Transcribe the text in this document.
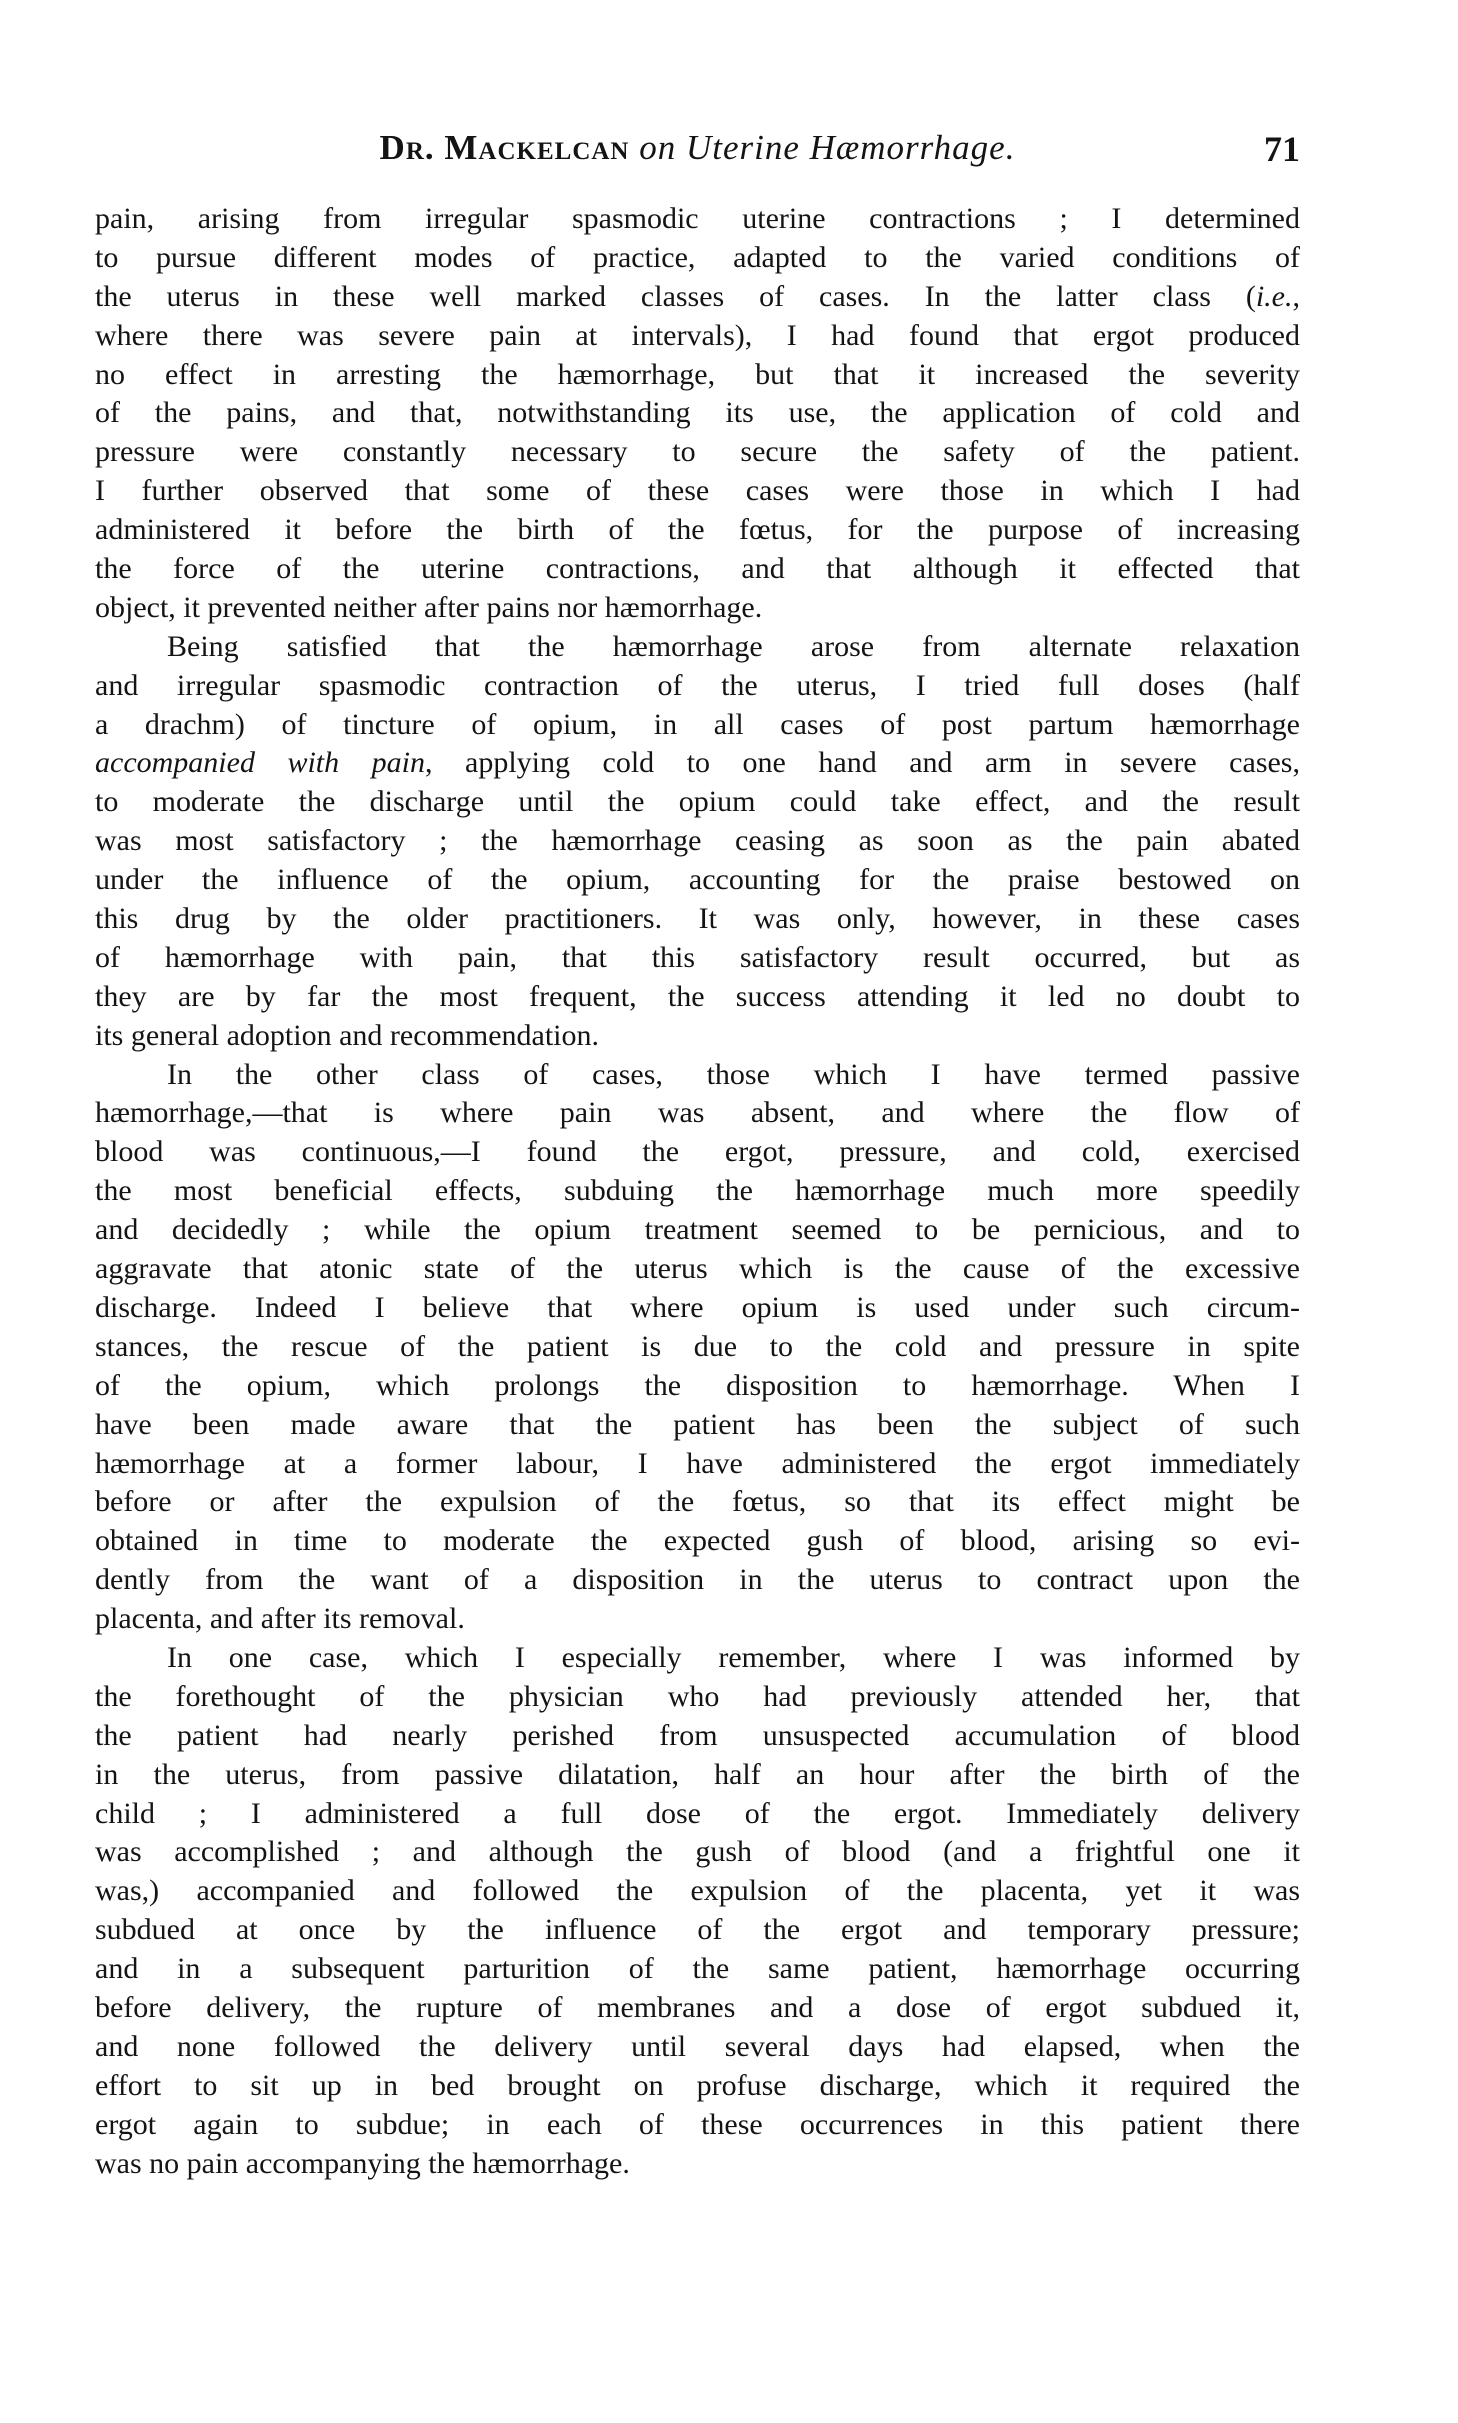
Dr. Mackelcan on Uterine Hæmorrhage.	71
pain, arising from irregular spasmodic uterine contractions ; I determined
to pursue different modes of practice, adapted to the varied conditions of
the uterus in these well marked classes of cases. In the latter class (i.e.,
where there was severe pain at intervals), I had found that ergot produced
no effect in arresting the hæmorrhage, but that it increased the severity
of the pains, and that, notwithstanding its use, the application of cold and
pressure were constantly necessary to secure the safety of the patient.
I further observed that some of these cases were those in which I had
administered it before the birth of the fœtus, for the purpose of increasing
the force of the uterine contractions, and that although it effected that
object, it prevented neither after pains nor hæmorrhage.
Being satisfied that the hæmorrhage arose from alternate relaxation
and irregular spasmodic contraction of the uterus, I tried full doses (half
a drachm) of tincture of opium, in all cases of post partum hæmorrhage
accompanied with pain, applying cold to one hand and arm in severe cases,
to moderate the discharge until the opium could take effect, and the result
was most satisfactory ; the hæmorrhage ceasing as soon as the pain abated
under the influence of the opium, accounting for the praise bestowed on
this drug by the older practitioners. It was only, however, in these cases
of hæmorrhage with pain, that this satisfactory result occurred, but as
they are by far the most frequent, the success attending it led no doubt to
its general adoption and recommendation.
In the other class of cases, those which I have termed passive
hæmorrhage,—that is where pain was absent, and where the flow of
blood was continuous,—I found the ergot, pressure, and cold, exercised
the most beneficial effects, subduing the hæmorrhage much more speedily
and decidedly ; while the opium treatment seemed to be pernicious, and to
aggravate that atonic state of the uterus which is the cause of the excessive
discharge. Indeed I believe that where opium is used under such circum-
stances, the rescue of the patient is due to the cold and pressure in spite
of the opium, which prolongs the disposition to hæmorrhage. When I
have been made aware that the patient has been the subject of such
hæmorrhage at a former labour, I have administered the ergot immediately
before or after the expulsion of the fœtus, so that its effect might be
obtained in time to moderate the expected gush of blood, arising so evi-
dently from the want of a disposition in the uterus to contract upon the
placenta, and after its removal.
In one case, which I especially remember, where I was informed by
the forethought of the physician who had previously attended her, that
the patient had nearly perished from unsuspected accumulation of blood
in the uterus, from passive dilatation, half an hour after the birth of the
child ; I administered a full dose of the ergot. Immediately delivery
was accomplished ; and although the gush of blood (and a frightful one it
was,) accompanied and followed the expulsion of the placenta, yet it was
subdued at once by the influence of the ergot and temporary pressure;
and in a subsequent parturition of the same patient, hæmorrhage occurring
before delivery, the rupture of membranes and a dose of ergot subdued it,
and none followed the delivery until several days had elapsed, when the
effort to sit up in bed brought on profuse discharge, which it required the
ergot again to subdue; in each of these occurrences in this patient there
was no pain accompanying the hæmorrhage.
